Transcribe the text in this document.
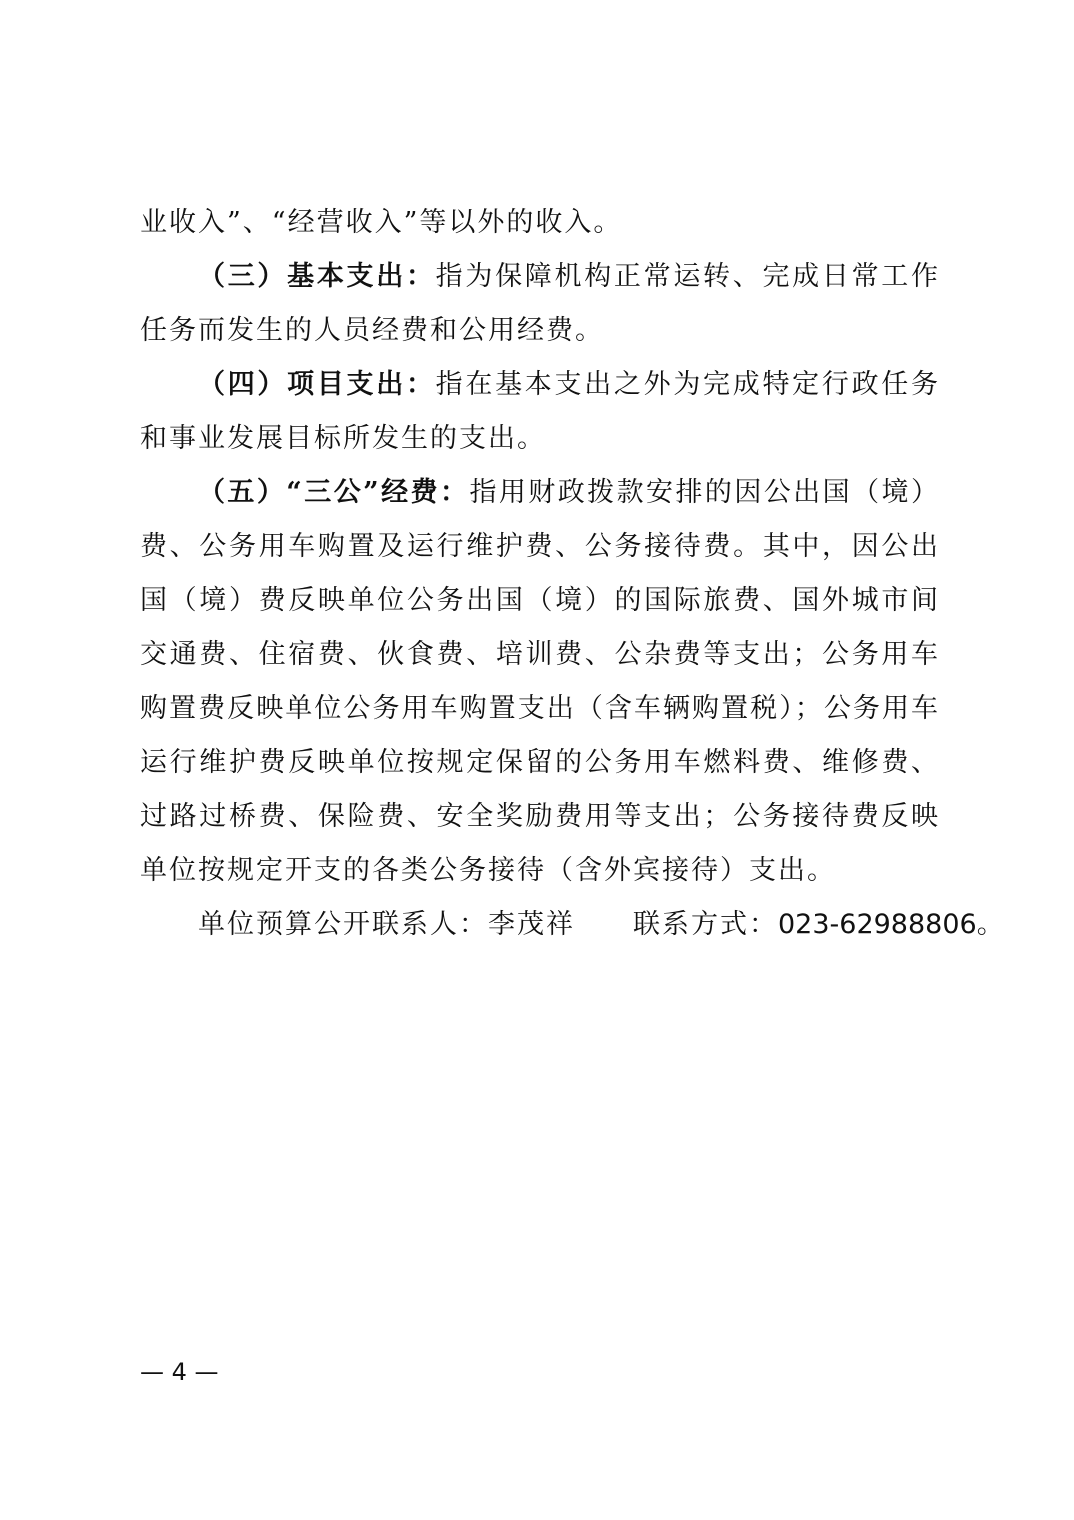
业收入”、“经营收入”等以外的收入。

（三）基本支出：指为保障机构正常运转、完成日常工作任务而发生的人员经费和公用经费。

（四）项目支出：指在基本支出之外为完成特定行政任务和事业发展目标所发生的支出。

（五）“三公”经费：指用财政拨款安排的因公出国（境）费、公务用车购置及运行维护费、公务接待费。其中，因公出国（境）费反映单位公务出国（境）的国际旅费、国外城市间交通费、住宿费、伙食费、培训费、公杂费等支出；公务用车购置费反映单位公务用车购置支出（含车辆购置税）；公务用车运行维护费反映单位按规定保留的公务用车燃料费、维修费、过路过桥费、保险费、安全奖励费用等支出；公务接待费反映单位按规定开支的各类公务接待（含外宾接待）支出。

单位预算公开联系人：李茂祥 联系方式：023-62988806。

— 4 —
